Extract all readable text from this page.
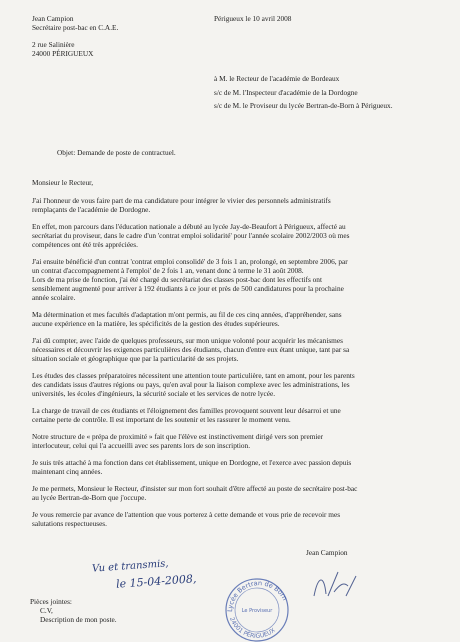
Jean Campion
Secrétaire post-bac en C.A.E.
2 rue Salinière
24000 PÉRIGUEUX
Périgueux le 10 avril 2008
à M. le Recteur de l'académie de Bordeaux
s/c de M. l'Inspecteur d'académie de la Dordogne
s/c de M. le Proviseur du lycée Bertran-de-Born à Périgueux.
Objet: Demande de poste de contractuel.
Monsieur le Recteur,
J'ai l'honneur de vous faire part de ma candidature pour intégrer le vivier des personnels administratifs
remplaçants de l'académie de Dordogne.
En effet, mon parcours dans l'éducation nationale a débuté au lycée Jay-de-Beaufort à Périgueux, affecté au
secrétariat du proviseur, dans le cadre d'un 'contrat emploi solidarité' pour l'année scolaire 2002/2003 où mes
compétences ont été très appréciées.
J'ai ensuite bénéficié d'un contrat 'contrat emploi consolidé' de 3 fois 1 an, prolongé, en septembre 2006, par
un contrat d'accompagnement à l'emploi' de 2 fois 1 an, venant donc à terme le 31 août 2008.
Lors de ma prise de fonction, j'ai été chargé du secrétariat des classes post-bac dont les effectifs ont
sensiblement augmenté pour arriver à 192 étudiants à ce jour et près de 500 candidatures pour la prochaine
année scolaire.
Ma détermination et mes facultés d'adaptation m'ont permis, au fil de ces cinq années, d'appréhender, sans
aucune expérience en la matière, les spécificités de la gestion des études supérieures.
J'ai dû compter, avec l'aide de quelques professeurs, sur mon unique volonté pour acquérir les mécanismes
nécessaires et découvrir les exigences particulières des étudiants, chacun d'entre eux étant unique, tant par sa
situation sociale et géographique que par la particularité de ses projets.
Les études des classes préparatoires nécessitent une attention toute particulière, tant en amont, pour les parents
des candidats issus d'autres régions ou pays, qu'en aval pour la liaison complexe avec les administrations, les
universités, les écoles d'ingénieurs, la sécurité sociale et les services de notre lycée.
La charge de travail de ces étudiants et l'éloignement des familles provoquent souvent leur désarroi et une
certaine perte de contrôle. Il est important de les soutenir et les rassurer le moment venu.
Notre structure de « prépa de proximité » fait que l'élève est instinctivement dirigé vers son premier
interlocuteur, celui qui l'a accueilli avec ses parents lors de son inscription.
Je suis très attaché à ma fonction dans cet établissement, unique en Dordogne, et l'exerce avec passion depuis
maintenant cinq années.
Je me permets, Monsieur le Recteur, d'insister sur mon fort souhait d'être affecté au poste de secrétaire post-bac
au lycée Bertran-de-Born que j'occupe.
Je vous remercie par avance de l'attention que vous porterez à cette demande et vous prie de recevoir mes
salutations respectueuses.
Jean Campion
Vu et transmis,
le 15-04-2008,
Lycée Bertran de Born
Le Proviseur
24001 PÉRIGUEUX
Pièces jointes:
C.V,
Description de mon poste.
